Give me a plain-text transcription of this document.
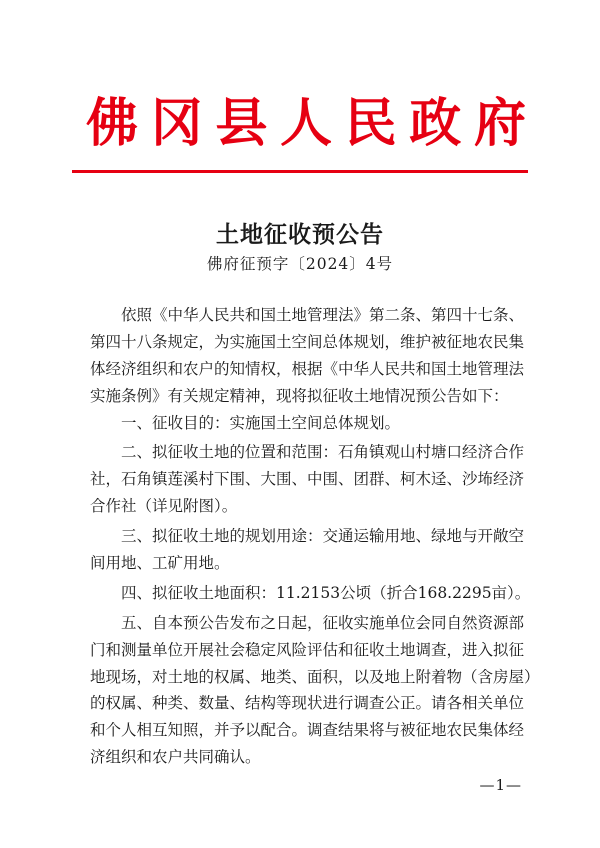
佛 冈 县 人 民 政 府
土地征收预公告
佛府征预字〔2024〕4号
依照《中华人民共和国土地管理法》第二条、第四十七条、
第四十八条规定，为实施国土空间总体规划，维护被征地农民集
体经济组织和农户的知情权，根据《中华人民共和国土地管理法
实施条例》有关规定精神，现将拟征收土地情况预公告如下：
一、征收目的：实施国土空间总体规划。
二、拟征收土地的位置和范围：石角镇观山村塘口经济合作
社，石角镇莲溪村下围、大围、中围、团群、柯木迳、沙㘵经济
合作社（详见附图）。
三、拟征收土地的规划用途：交通运输用地、绿地与开敞空
间用地、工矿用地。
四、拟征收土地面积：11.2153公顷（折合168.2295亩）。
五、自本预公告发布之日起，征收实施单位会同自然资源部
门和测量单位开展社会稳定风险评估和征收土地调查，进入拟征
地现场，对土地的权属、地类、面积，以及地上附着物（含房屋）
的权属、种类、数量、结构等现状进行调查公正。请各相关单位
和个人相互知照，并予以配合。调查结果将与被征地农民集体经
济组织和农户共同确认。
—1—
